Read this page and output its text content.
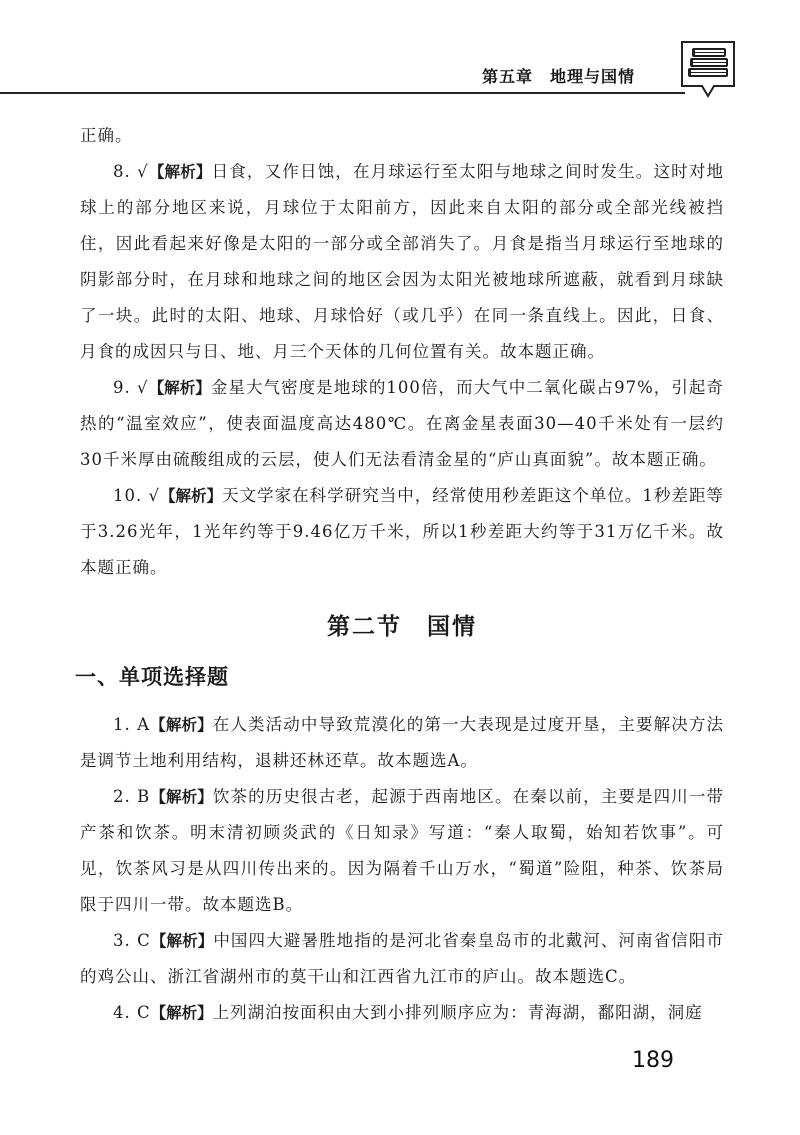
第五章　地理与国情

正确。

8. √【解析】日食，又作日蚀，在月球运行至太阳与地球之间时发生。这时对地球上的部分地区来说，月球位于太阳前方，因此来自太阳的部分或全部光线被挡住，因此看起来好像是太阳的一部分或全部消失了。月食是指当月球运行至地球的阴影部分时，在月球和地球之间的地区会因为太阳光被地球所遮蔽，就看到月球缺了一块。此时的太阳、地球、月球恰好（或几乎）在同一条直线上。因此，日食、月食的成因只与日、地、月三个天体的几何位置有关。故本题正确。

9. √【解析】金星大气密度是地球的100倍，而大气中二氧化碳占97%，引起奇热的“温室效应”，使表面温度高达480℃。在离金星表面30—40千米处有一层约30千米厚由硫酸组成的云层，使人们无法看清金星的“庐山真面貌”。故本题正确。

10. √【解析】天文学家在科学研究当中，经常使用秒差距这个单位。1秒差距等于3.26光年，1光年约等于9.46亿万千米，所以1秒差距大约等于31万亿千米。故本题正确。

第二节　国情
一、单项选择题

1. A【解析】在人类活动中导致荒漠化的第一大表现是过度开垦，主要解决方法是调节土地利用结构，退耕还林还草。故本题选A。

2. B【解析】饮茶的历史很古老，起源于西南地区。在秦以前，主要是四川一带产茶和饮茶。明末清初顾炎武的《日知录》写道：“秦人取蜀，始知若饮事”。可见，饮茶风习是从四川传出来的。因为隔着千山万水，“蜀道”险阻，种茶、饮茶局限于四川一带。故本题选B。

3. C【解析】中国四大避暑胜地指的是河北省秦皇岛市的北戴河、河南省信阳市的鸡公山、浙江省湖州市的莫干山和江西省九江市的庐山。故本题选C。

4. C【解析】上列湖泊按面积由大到小排列顺序应为：青海湖，鄱阳湖，洞庭

189
